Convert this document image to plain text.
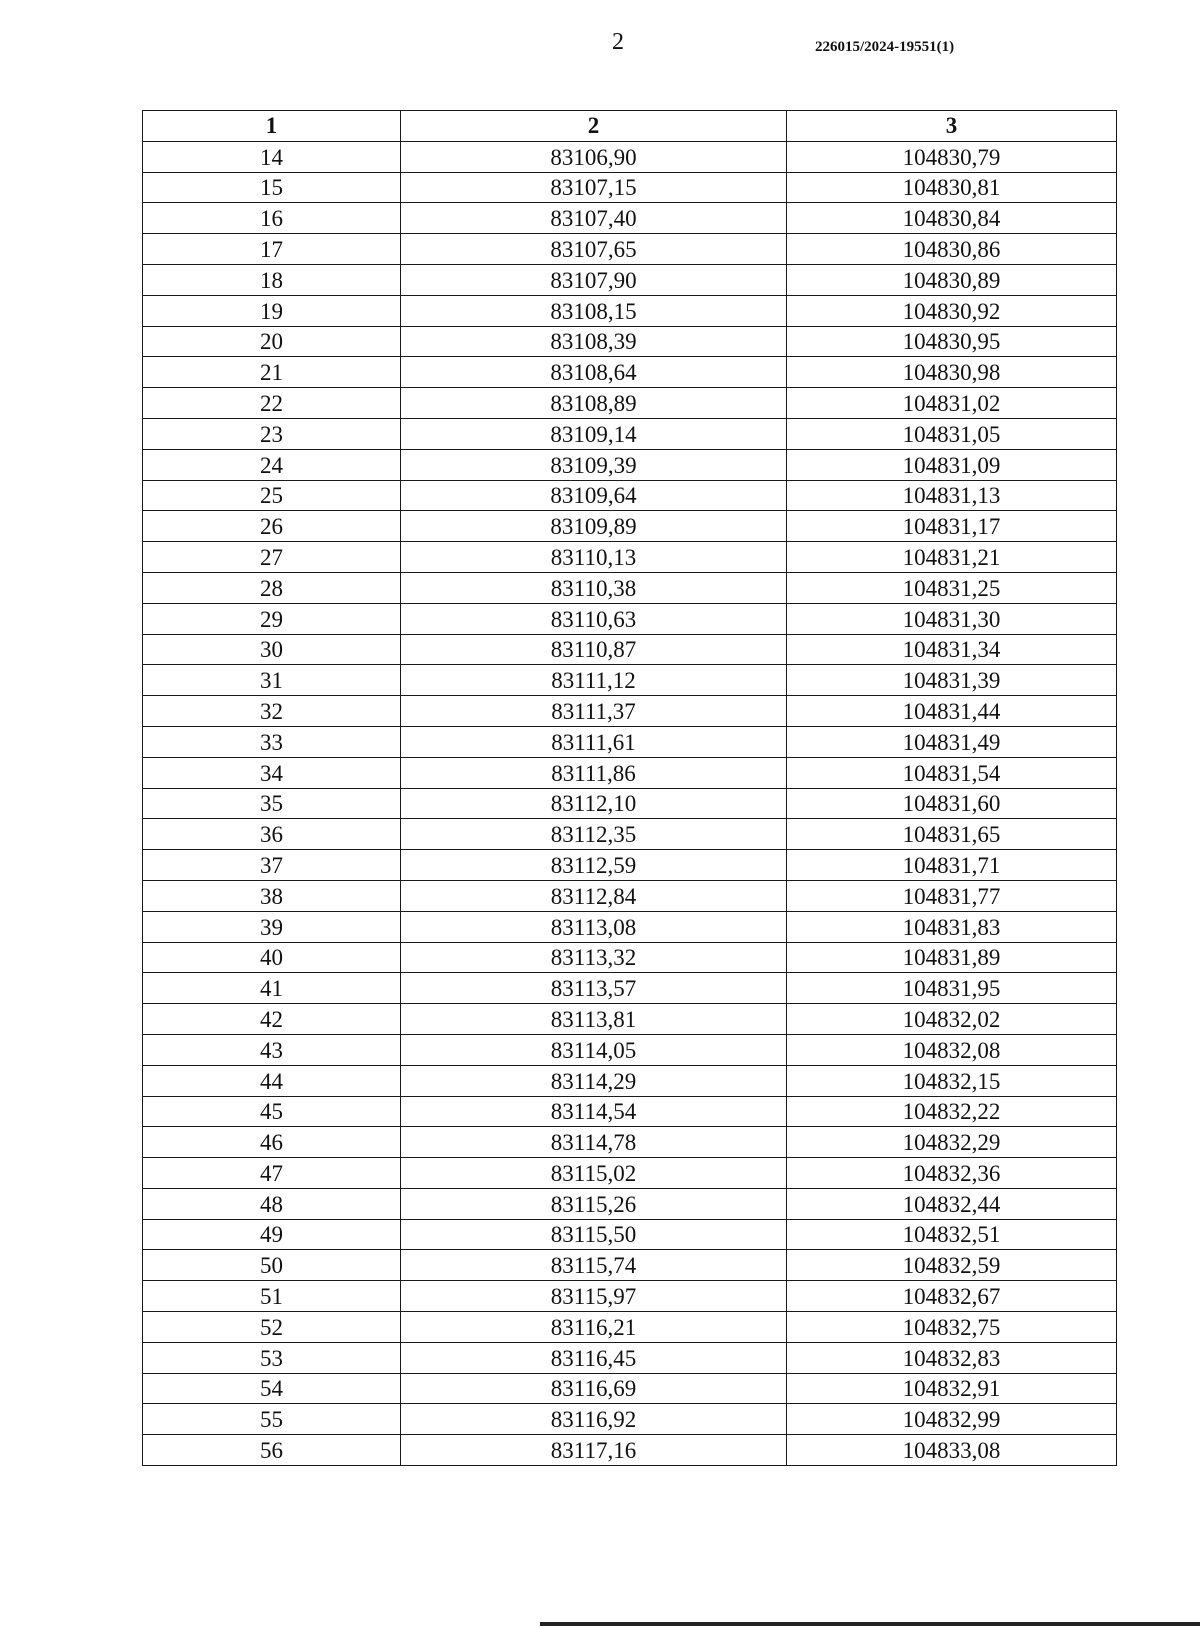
2	226015/2024-19551(1)
1	2	3
14	83106,90	104830,79
15	83107,15	104830,81
16	83107,40	104830,84
17	83107,65	104830,86
18	83107,90	104830,89
19	83108,15	104830,92
20	83108,39	104830,95
21	83108,64	104830,98
22	83108,89	104831,02
23	83109,14	104831,05
24	83109,39	104831,09
25	83109,64	104831,13
26	83109,89	104831,17
27	83110,13	104831,21
28	83110,38	104831,25
29	83110,63	104831,30
30	83110,87	104831,34
31	83111,12	104831,39
32	83111,37	104831,44
33	83111,61	104831,49
34	83111,86	104831,54
35	83112,10	104831,60
36	83112,35	104831,65
37	83112,59	104831,71
38	83112,84	104831,77
39	83113,08	104831,83
40	83113,32	104831,89
41	83113,57	104831,95
42	83113,81	104832,02
43	83114,05	104832,08
44	83114,29	104832,15
45	83114,54	104832,22
46	83114,78	104832,29
47	83115,02	104832,36
48	83115,26	104832,44
49	83115,50	104832,51
50	83115,74	104832,59
51	83115,97	104832,67
52	83116,21	104832,75
53	83116,45	104832,83
54	83116,69	104832,91
55	83116,92	104832,99
56	83117,16	104833,08
